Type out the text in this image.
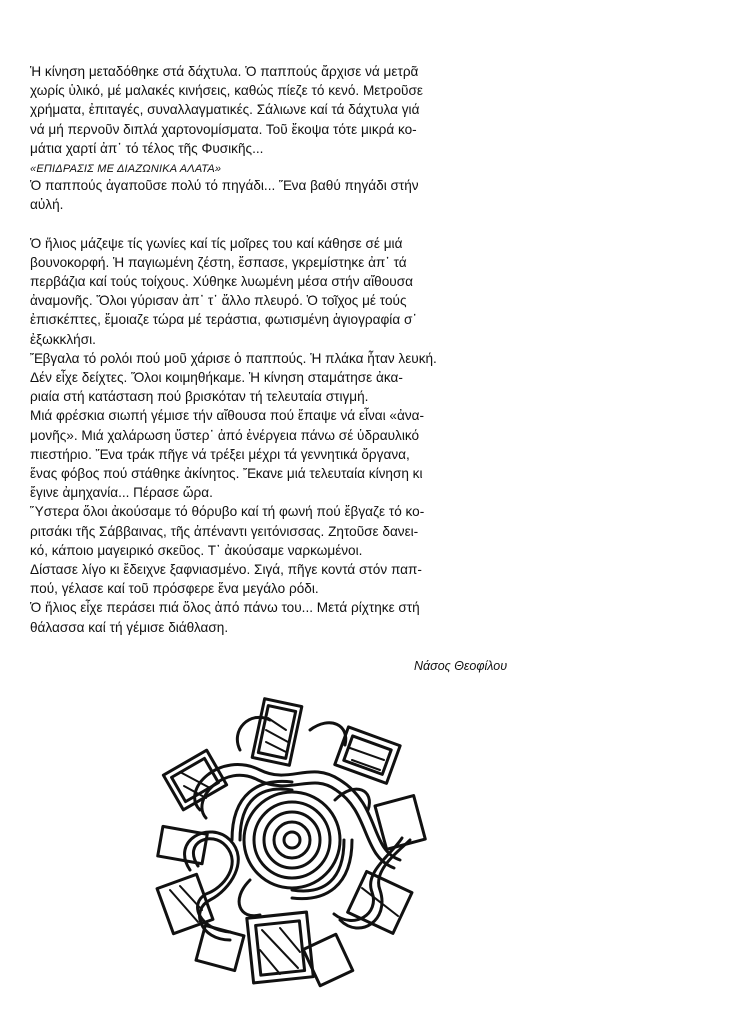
Ἡ κίνηση μεταδόθηκε στά δάχτυλα. Ὁ παππούς ἄρχισε νά μετρᾶ
χωρίς ὑλικό, μέ μαλακές κινήσεις, καθώς πίεζε τό κενό. Μετροῦσε
χρήματα, ἐπιταγές, συναλλαγματικές. Σάλιωνε καί τά δάχτυλα γιά
νά μή περνοῦν διπλά χαρτονομίσματα. Τοῦ ἔκοψα τότε μικρά κο-
μάτια χαρτί ἀπ᾽ τό τέλος τῆς Φυσικῆς...

«ΕΠΙΔΡΑΣΙΣ ΜΕ ΔΙΑΖΩΝΙΚΑ ΑΛΑΤΑ»

Ὁ παππούς ἀγαποῦσε πολύ τό πηγάδι... Ἕνα βαθύ πηγάδι στήν
αὐλή.

Ὁ ἥλιος μάζεψε τίς γωνίες καί τίς μοῖρες του καί κάθησε σέ μιά
βουνοκορφή. Ἡ παγιωμένη ζέστη, ἔσπασε, γκρεμίστηκε ἀπ᾽ τά
περβάζια καί τούς τοίχους. Χύθηκε λυωμένη μέσα στήν αἴθουσα
ἀναμονῆς. Ὅλοι γύρισαν ἀπ᾽ τ᾽ ἄλλο πλευρό. Ὁ τοῖχος μέ τούς
ἐπισκέπτες, ἔμοιαζε τώρα μέ τεράστια, φωτισμένη ἁγιογραφία σ᾽
ἐξωκκλήσι.

Ἔβγαλα τό ρολόι πού μοῦ χάρισε ὁ παππούς. Ἡ πλάκα ἦταν λευκή.
Δέν εἶχε δείχτες. Ὅλοι κοιμηθήκαμε. Ἡ κίνηση σταμάτησε ἀκα-
ριαία στή κατάσταση πού βρισκόταν τή τελευταία στιγμή.

Μιά φρέσκια σιωπή γέμισε τήν αἴθουσα πού ἔπαψε νά εἶναι «ἀνα-
μονῆς». Μιά χαλάρωση ὕστερ᾽ ἀπό ἐνέργεια πάνω σέ ὑδραυλικό
πιεστήριο. Ἕνα τράκ πῆγε νά τρέξει μέχρι τά γεννητικά ὄργανα,
ἕνας φόβος πού στάθηκε ἀκίνητος. Ἔκανε μιά τελευταία κίνηση κι
ἔγινε ἀμηχανία... Πέρασε ὥρα.

Ὕστερα ὅλοι ἀκούσαμε τό θόρυβο καί τή φωνή πού ἔβγαζε τό κο-
ριτσάκι τῆς Σάββαινας, τῆς ἀπέναντι γειτόνισσας. Ζητοῦσε δανει-
κό, κάποιο μαγειρικό σκεῦος. Τ᾽ ἀκούσαμε ναρκωμένοι.

Δίστασε λίγο κι ἔδειχνε ξαφνιασμένο. Σιγά, πῆγε κοντά στόν παπ-
πού, γέλασε καί τοῦ πρόσφερε ἕνα μεγάλο ρόδι.

Ὁ ἥλιος εἶχε περάσει πιά ὅλος ἀπό πάνω του... Μετά ρίχτηκε στή
θάλασσα καί τή γέμισε διάθλαση.

Νάσος Θεοφίλου
